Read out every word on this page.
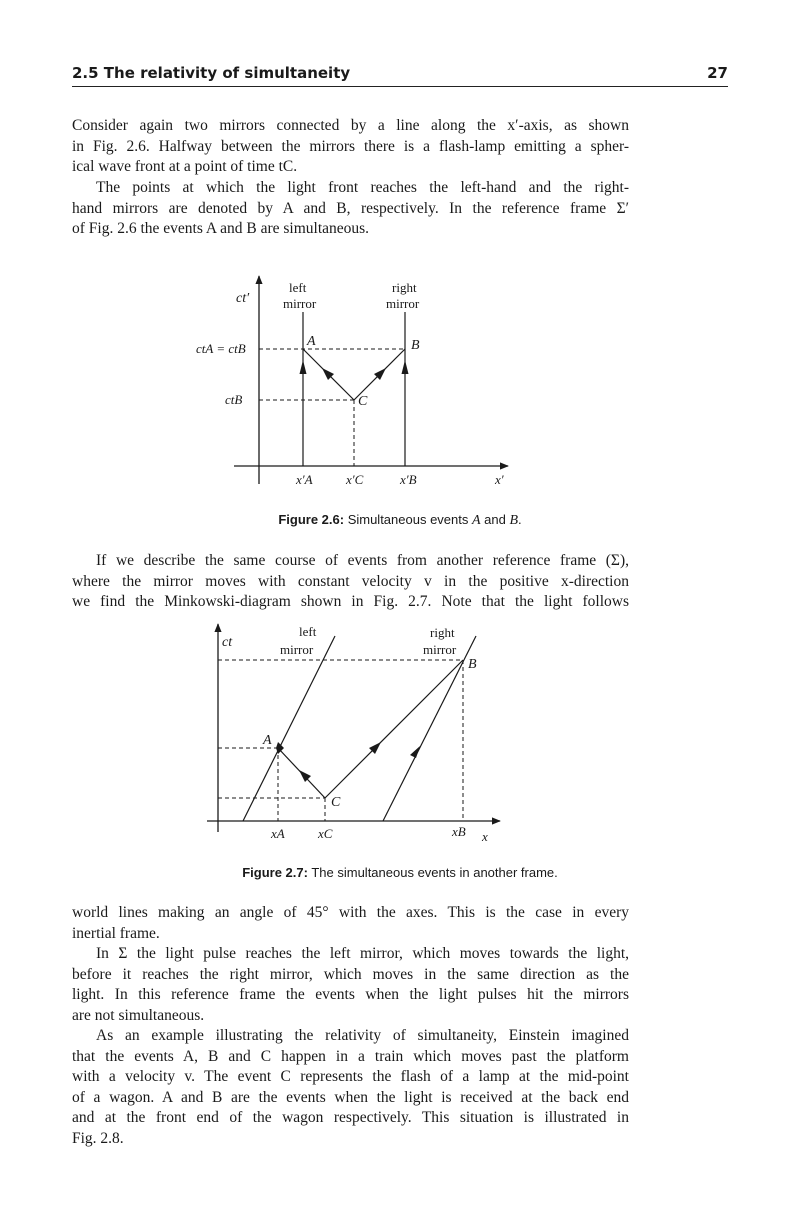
2.5 The relativity of simultaneity	27

Consider again two mirrors connected by a line along the x′-axis, as shown
in Fig. 2.6. Halfway between the mirrors there is a flash-lamp emitting a spher-
ical wave front at a point of time tC.

The points at which the light front reaches the left-hand and the right-
hand mirrors are denoted by A and B, respectively. In the reference frame Σ′
of Fig. 2.6 the events A and B are simultaneous.

ct′
left
mirror
right
mirror
ctA = ctB
ctB
A	B
C
x′A	x′C	x′B	x′
Figure 2.6: Simultaneous events A and B.

If we describe the same course of events from another reference frame (Σ),
where the mirror moves with constant velocity v in the positive x-direction
we find the Minkowski-diagram shown in Fig. 2.7. Note that the light follows

ct
left
mirror
right
mirror
A
B
C
xA	xC	xB x
Figure 2.7: The simultaneous events in another frame.

world lines making an angle of 45° with the axes. This is the case in every
inertial frame.

In Σ the light pulse reaches the left mirror, which moves towards the light,
before it reaches the right mirror, which moves in the same direction as the
light. In this reference frame the events when the light pulses hit the mirrors
are not simultaneous.

As an example illustrating the relativity of simultaneity, Einstein imagined
that the events A, B and C happen in a train which moves past the platform
with a velocity v. The event C represents the flash of a lamp at the mid-point
of a wagon. A and B are the events when the light is received at the back end
and at the front end of the wagon respectively. This situation is illustrated in
Fig. 2.8.
